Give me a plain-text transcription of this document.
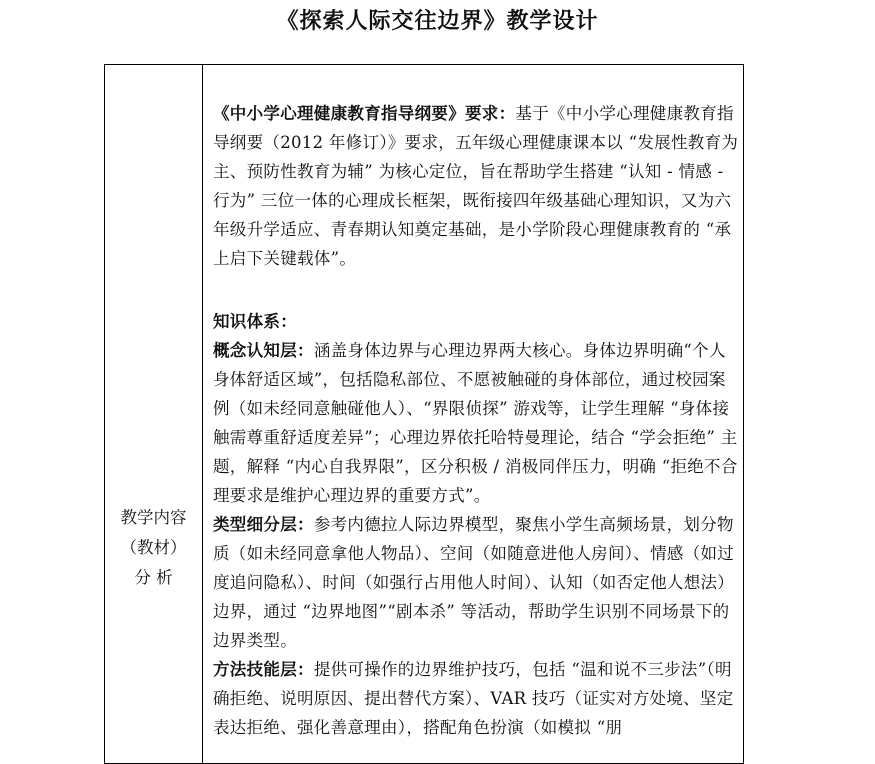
《探索人际交往边界》教学设计
教学内容
（教材）
分 析

《中小学心理健康教育指导纲要》要求：基于《中小学心理健康教育指导纲要（2012 年修订）》要求，五年级心理健康课本以 “发展性教育为主、预防性教育为辅” 为核心定位，旨在帮助学生搭建 “认知 - 情感 - 行为” 三位一体的心理成长框架，既衔接四年级基础心理知识，又为六年级升学适应、青春期认知奠定基础，是小学阶段心理健康教育的 “承上启下关键载体”。

知识体系：

概念认知层：涵盖身体边界与心理边界两大核心。身体边界明确“个人身体舒适区域”，包括隐私部位、不愿被触碰的身体部位，通过校园案例（如未经同意触碰他人）、“界限侦探” 游戏等，让学生理解 “身体接触需尊重舒适度差异”；心理边界依托哈特曼理论，结合 “学会拒绝” 主题，解释 “内心自我界限”，区分积极 / 消极同伴压力，明确 “拒绝不合理要求是维护心理边界的重要方式”。

类型细分层：参考内德拉人际边界模型，聚焦小学生高频场景，划分物质（如未经同意拿他人物品）、空间（如随意进他人房间）、情感（如过度追问隐私）、时间（如强行占用他人时间）、认知（如否定他人想法）边界，通过 “边界地图”“剧本杀” 等活动，帮助学生识别不同场景下的边界类型。

方法技能层：提供可操作的边界维护技巧，包括 “温和说不三步法”（明确拒绝、说明原因、提出替代方案）、VAR 技巧（证实对方处境、坚定表达拒绝、强化善意理由），搭配角色扮演（如模拟 “朋
